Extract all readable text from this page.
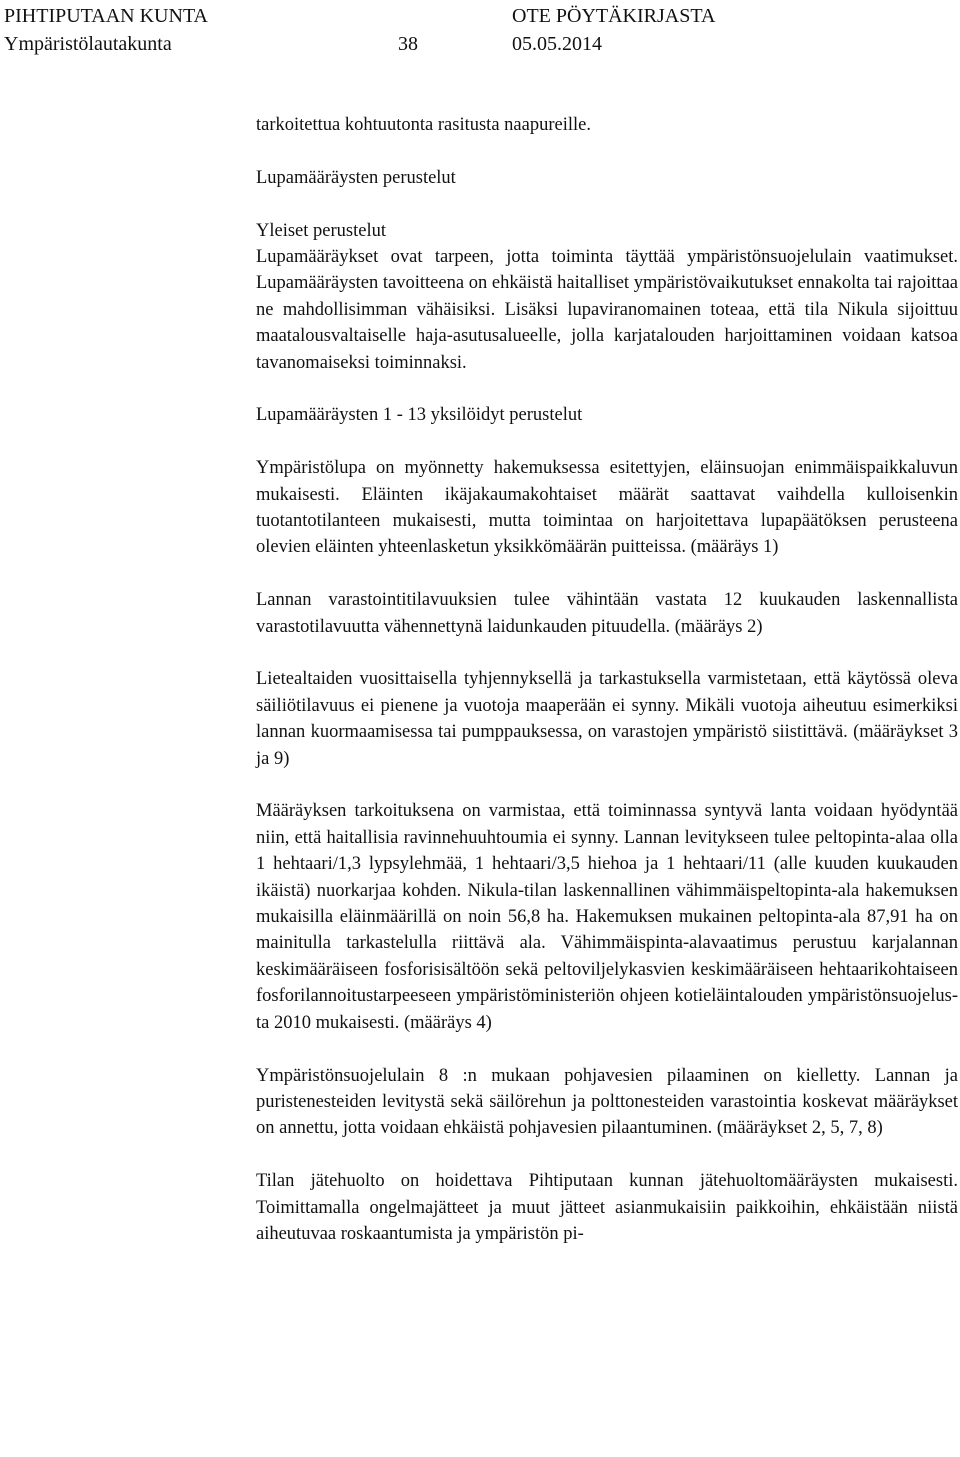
PIHTIPUTAAN KUNTA	OTE PÖYTÄKIRJASTA
Ympäristölautakunta	38	05.05.2014

tarkoitettua kohtuutonta rasitusta naapureille.

Lupamääräysten perustelut

Yleiset perustelut

Lupamääräykset ovat tarpeen, jotta toiminta täyttää ympäristönsuojelulain vaatimukset. Lupamääräysten tavoitteena on ehkäistä haitalliset ympäristövaikutukset ennakolta tai rajoittaa ne mahdollisimman vähäisiksi. Lisäksi lupaviranomainen toteaa, että tila Nikula sijoittuu maatalousvaltaiselle haja-asutusalueelle, jolla karjatalouden harjoittaminen voidaan katsoa tavanomaiseksi toiminnaksi.

Lupamääräysten 1 - 13 yksilöidyt perustelut

Ympäristölupa on myönnetty hakemuksessa esitettyjen, eläinsuojan enimmäispaikkaluvun mukaisesti. Eläinten ikäjakaumakohtaiset määrät saattavat vaihdella kulloisenkin tuotantotilanteen mukaisesti, mutta toimintaa on harjoitettava lupapäätöksen perusteena olevien eläinten yhteenlasketun yksikkömäärän puitteissa. (määräys 1)

Lannan varastointitilavuuksien tulee vähintään vastata 12 kuukauden laskennallista varastotilavuutta vähennettynä laidunkauden pituudella. (määräys 2)

Lietealtaiden vuosittaisella tyhjennyksellä ja tarkastuksella varmistetaan, että käytössä oleva säiliötilavuus ei pienene ja vuotoja maaperään ei synny. Mikäli vuotoja aiheutuu esimerkiksi lannan kuormaamisessa tai pumppauksessa, on varastojen ympäristö siistittävä. (määräykset 3 ja 9)

Määräyksen tarkoituksena on varmistaa, että toiminnassa syntyvä lanta voidaan hyödyntää niin, että haitallisia ravinnehuuhtoumia ei synny. Lannan levitykseen tulee peltopinta-alaa olla 1 hehtaari/1,3 lypsylehmää, 1 hehtaari/3,5 hiehoa ja 1 hehtaari/11 (alle kuuden kuukauden ikäistä) nuorkarjaa kohden. Nikula-tilan laskennallinen vähimmäispeltopinta-ala hakemuksen mukaisilla eläinmäärillä on noin 56,8 ha. Hakemuksen mukainen peltopinta-ala 87,91 ha on mainitulla tarkastelulla riittävä ala. Vähimmäispinta-alavaatimus perustuu karjalannan keskimääräiseen fosforisisältöön sekä peltoviljelykasvien keskimääräiseen hehtaarikohtaiseen fosforilannoitustarpeeseen ympäristöministeriön ohjeen kotieläintalouden ympäristönsuojelusta 2010 mukaisesti. (määräys 4)

Ympäristönsuojelulain 8 :n mukaan pohjavesien pilaaminen on kielletty. Lannan ja puristenesteiden levitystä sekä säilörehun ja polttonesteiden varastointia koskevat määräykset on annettu, jotta voidaan ehkäistä pohjavesien pilaantuminen. (määräykset 2, 5, 7, 8)

Tilan jätehuolto on hoidettava Pihtiputaan kunnan jätehuoltomääräysten mukaisesti. Toimittamalla ongelmajätteet ja muut jätteet asianmukaisiin paikkoihin, ehkäistään niistä aiheutuvaa roskaantumista ja ympäristön pi-
